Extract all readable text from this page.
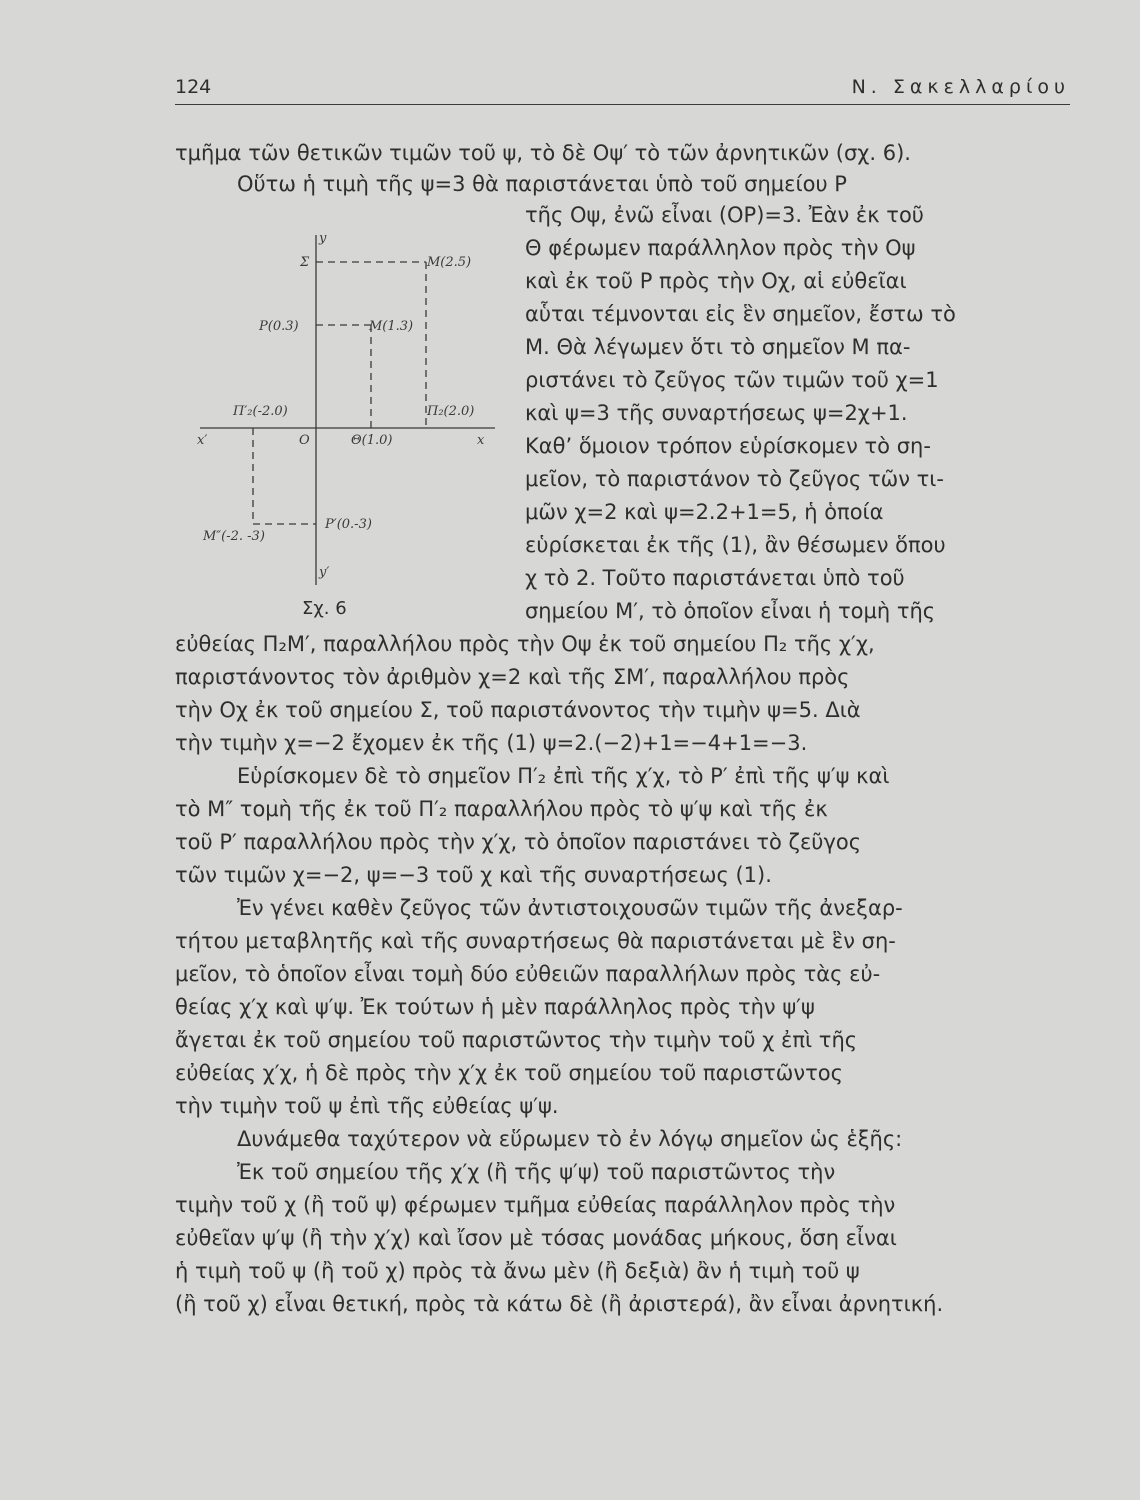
124	Ν. Σακελλαρίου
y
Σ	M(2.5)
P(0.3)	M(1.3)
Π′₂(-2.0)	Π₂(2.0)
x′	O	Θ(1.0)	x
P′(0.-3)
M″(-2. -3)
y′
Σχ. 6
τμῆμα τῶν θετικῶν τιμῶν τοῦ ψ, τὸ δὲ Οψ′ τὸ τῶν ἀρνητικῶν (σχ. 6).
Οὕτω ἡ τιμὴ τῆς ψ=3 θὰ παριστάνεται ὑπὸ τοῦ σημείου Ρ
τῆς Οψ, ἐνῶ εἶναι (ΟΡ)=3. Ἐὰν ἐκ τοῦ
Θ φέρωμεν παράλληλον πρὸς τὴν Οψ
καὶ ἐκ τοῦ Ρ πρὸς τὴν Οχ, αἱ εὐθεῖαι
αὗται τέμνονται εἰς ἓν σημεῖον, ἔστω τὸ
Μ. Θὰ λέγωμεν ὅτι τὸ σημεῖον Μ πα-
ριστάνει τὸ ζεῦγος τῶν τιμῶν τοῦ χ=1
καὶ ψ=3 τῆς συναρτήσεως ψ=2χ+1.
Καθ’ ὅμοιον τρόπον εὑρίσκομεν τὸ ση-
μεῖον, τὸ παριστάνον τὸ ζεῦγος τῶν τι-
μῶν χ=2 καὶ ψ=2.2+1=5, ἡ ὁποία
εὑρίσκεται ἐκ τῆς (1), ἂν θέσωμεν ὅπου
χ τὸ 2. Τοῦτο παριστάνεται ὑπὸ τοῦ
σημείου Μ′, τὸ ὁποῖον εἶναι ἡ τομὴ τῆς
εὐθείας Π₂Μ′, παραλλήλου πρὸς τὴν Οψ ἐκ τοῦ σημείου Π₂ τῆς χ′χ,
παριστάνοντος τὸν ἀριθμὸν χ=2 καὶ τῆς ΣΜ′, παραλλήλου πρὸς
τὴν Οχ ἐκ τοῦ σημείου Σ, τοῦ παριστάνοντος τὴν τιμὴν ψ=5. Διὰ
τὴν τιμὴν χ=−2 ἔχομεν ἐκ τῆς (1) ψ=2.(−2)+1=−4+1=−3.
Εὑρίσκομεν δὲ τὸ σημεῖον Π′₂ ἐπὶ τῆς χ′χ, τὸ Ρ′ ἐπὶ τῆς ψ′ψ καὶ
τὸ Μ″ τομὴ τῆς ἐκ τοῦ Π′₂ παραλλήλου πρὸς τὸ ψ′ψ καὶ τῆς ἐκ
τοῦ Ρ′ παραλλήλου πρὸς τὴν χ′χ, τὸ ὁποῖον παριστάνει τὸ ζεῦγος
τῶν τιμῶν χ=−2, ψ=−3 τοῦ χ καὶ τῆς συναρτήσεως (1).
Ἐν γένει καθὲν ζεῦγος τῶν ἀντιστοιχουσῶν τιμῶν τῆς ἀνεξαρ-
τήτου μεταβλητῆς καὶ τῆς συναρτήσεως θὰ παριστάνεται μὲ ἓν ση-
μεῖον, τὸ ὁποῖον εἶναι τομὴ δύο εὐθειῶν παραλλήλων πρὸς τὰς εὐ-
θείας χ′χ καὶ ψ′ψ. Ἐκ τούτων ἡ μὲν παράλληλος πρὸς τὴν ψ′ψ
ἄγεται ἐκ τοῦ σημείου τοῦ παριστῶντος τὴν τιμὴν τοῦ χ ἐπὶ τῆς
εὐθείας χ′χ, ἡ δὲ πρὸς τὴν χ′χ ἐκ τοῦ σημείου τοῦ παριστῶντος
τὴν τιμὴν τοῦ ψ ἐπὶ τῆς εὐθείας ψ′ψ.
Δυνάμεθα ταχύτερον νὰ εὕρωμεν τὸ ἐν λόγῳ σημεῖον ὡς ἑξῆς:
Ἐκ τοῦ σημείου τῆς χ′χ (ἢ τῆς ψ′ψ) τοῦ παριστῶντος τὴν
τιμὴν τοῦ χ (ἢ τοῦ ψ) φέρωμεν τμῆμα εὐθείας παράλληλον πρὸς τὴν
εὐθεῖαν ψ′ψ (ἢ τὴν χ′χ) καὶ ἴσον μὲ τόσας μονάδας μήκους, ὅση εἶναι
ἡ τιμὴ τοῦ ψ (ἢ τοῦ χ) πρὸς τὰ ἄνω μὲν (ἢ δεξιὰ) ἂν ἡ τιμὴ τοῦ ψ
(ἢ τοῦ χ) εἶναι θετική, πρὸς τὰ κάτω δὲ (ἢ ἀριστερά), ἂν εἶναι ἀρνητική.
